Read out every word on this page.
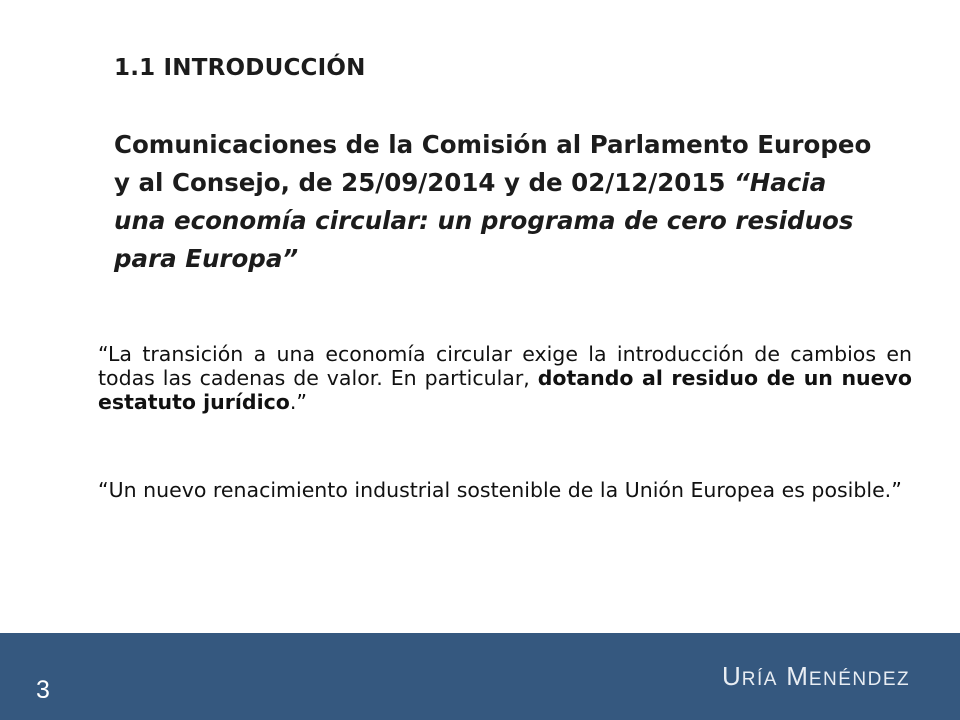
1.1 INTRODUCCIÓN
Comunicaciones de la Comisión al Parlamento Europeo y al Consejo, de 25/09/2014 y de 02/12/2015 “Hacia una economía circular: un programa de cero residuos para Europa”
“La transición a una economía circular exige la introducción de cambios en todas las cadenas de valor. En particular, dotando al residuo de un nuevo estatuto jurídico.”
“Un nuevo renacimiento industrial sostenible de la Unión Europea es posible.”
3	URÍA MENÉNDEZ
